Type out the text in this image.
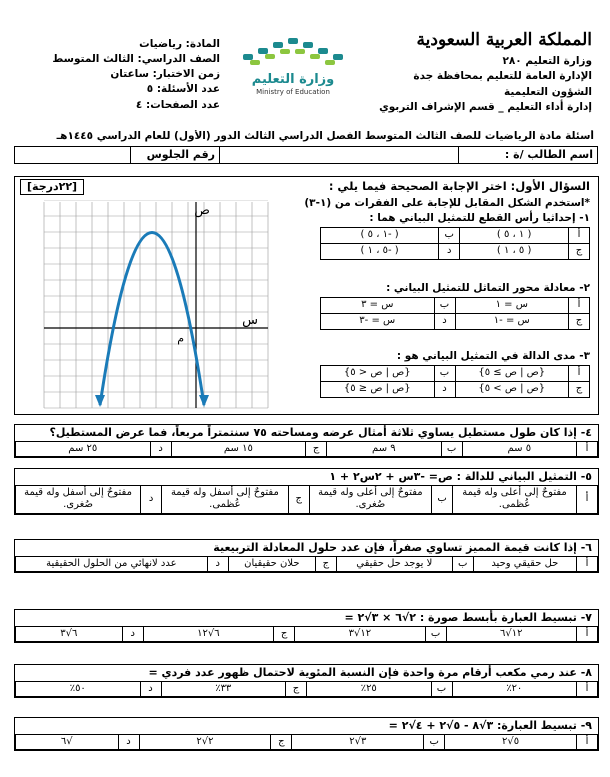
المملكة العربية السعودية
وزارة التعليم ٢٨٠
الإدارة العامة للتعليم بمحافظة جدة
الشؤون التعليمية
إدارة أداء التعليم _ قسم الإشراف التربوي
وزارة التعليم
Ministry of Education
المادة: رياضيات
الصف الدراسي: الثالث المتوسط
زمن الاختبار: ساعتان
عدد الأسئلة: ٥
عدد الصفحات: ٤
أسئلة مادة الرياضيات للصف الثالث المتوسط الفصل الدراسي الثالث الدور (الأول) للعام الدراسي ١٤٤٥هـ
اسم الطالب /ة :		رقم الجلوس	
السؤال الأول: اختر الإجابة الصحيحة فيما يلي :
[٢٢درجة]
*استخدم الشكل المقابل للإجابة على الفقرات من (١-٣)
ص
س
م
١- إحداثيا رأس القطع للتمثيل البياني هما :
أ	( ١ ، ٥ )	ب	( -١ ، ٥ )
ج	( ٥ ، ١ )	د	( -٥ ، ١ )
٢- معادلة محور التماثل للتمثيل البياني :
أ	س = ١	ب	س = ٣
ج	س = -١	د	س = -٣
٣- مدى الدالة في التمثيل البياني هو :
أ	{ص | ص ≥ ٥}	ب	{ص | ص < ٥}
ج	{ص | ص > ٥}	د	{ص | ص ≤ ٥}
٤- إذا كان طول مستطيل يساوي ثلاثة أمثال عرضه ومساحته ٧٥ سنتمتراً مربعاً، فما عرض المستطيل؟
أ	٥ سم	ب	٩ سم	ج	١٥ سم	د	٢٥ سم
٥- التمثيل البياني للدالة : ص= -٣س + ٢س٢ + ١
أ	مفتوحٌ إلى أعلى وله قيمة عُظمى.	ب	مفتوحٌ إلى أعلى وله قيمة صُغرى.	ج	مفتوحٌ إلى أسفل وله قيمة عُظمى.	د	مفتوحٌ إلى أسفل وله قيمة صُغرى.
٦- إذا كانت قيمة المميز تساوي صفراً، فإن عدد حلول المعادلة التربيعية
أ	حل حقيقي وحيد	ب	لا يوجد حل حقيقي	ج	حلان حقيقيان	د	عدد لانهائي من الحلول الحقيقية
٧- تبسيط العبارة بأبسط صورة : ٢√٦ × ٣√٢ =
أ	١٢√٦	ب	١٢√٣	ج	٦√١٢	د	٦√٣
٨- عند رمي مكعب أرقام مرة واحدة فإن النسبة المئوية لاحتمال ظهور عدد فردي =
أ	٢٠٪	ب	٢٥٪	ج	٣٣٪	د	٥٠٪
٩- تبسيط العبارة: ٣√٨ - ٥√٢ + ٤√٢ =
أ	٥√٢	ب	٣√٢	ج	٢√٢	د	√٦
